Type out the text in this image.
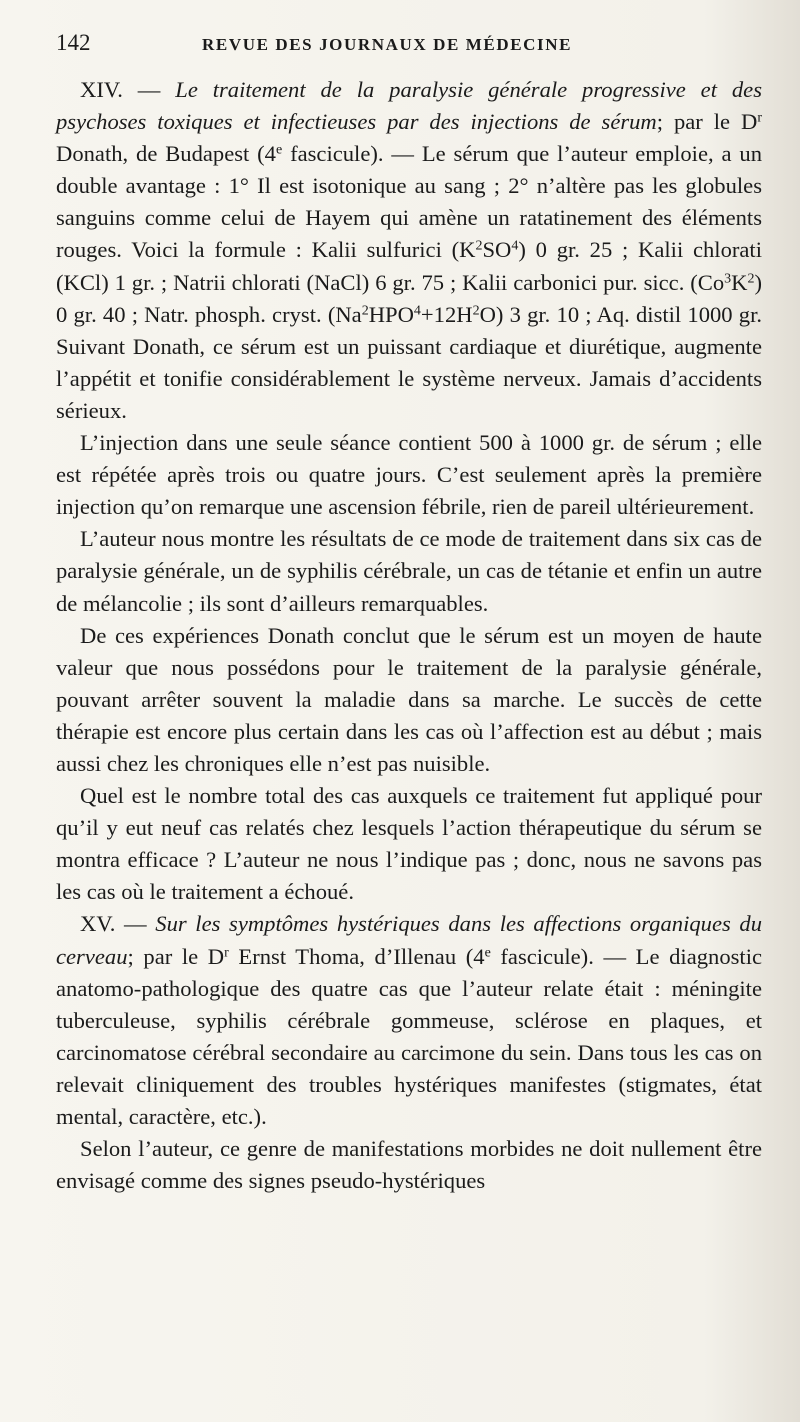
142	REVUE DES JOURNAUX DE MÉDECINE

XIV. — Le traitement de la paralysie générale progressive et des psychoses toxiques et infectieuses par des injections de sérum; par le $D^r$ Donath, de Budapest (4e fascicule). — Le sérum que l’auteur emploie, a un double avantage : 1° Il est isotonique au sang ; 2° n’altère pas les globules sanguins comme celui de Hayem qui amène un ratatinement des éléments rouges. Voici la formule : Kalii sulfurici $(K^2SO^4)$ 0 gr. 25 ; Kalii chlorati (KCl) 1 gr. ; Natrii chlorati (NaCl) 6 gr. 75 ; Kalii carbonici pur. sicc. $(Co^3K^2)$ 0 gr. 40 ; Natr. phosph. cryst. $(Na^2HPO^4+12H^2O)$ 3 gr. 10 ; Aq. distil 1000 gr. Suivant Donath, ce sérum est un puissant cardiaque et diurétique, augmente l’appétit et tonifie considérablement le système nerveux. Jamais d’accidents sérieux.

L’injection dans une seule séance contient 500 à 1000 gr. de sérum ; elle est répétée après trois ou quatre jours. C’est seulement après la première injection qu’on remarque une ascension fébrile, rien de pareil ultérieurement.

L’auteur nous montre les résultats de ce mode de traitement dans six cas de paralysie générale, un de syphilis cérébrale, un cas de tétanie et enfin un autre de mélancolie ; ils sont d’ailleurs remarquables.

De ces expériences Donath conclut que le sérum est un moyen de haute valeur que nous possédons pour le traitement de la paralysie générale, pouvant arrêter souvent la maladie dans sa marche. Le succès de cette thérapie est encore plus certain dans les cas où l’affection est au début ; mais aussi chez les chroniques elle n’est pas nuisible.

Quel est le nombre total des cas auxquels ce traitement fut appliqué pour qu’il y eut neuf cas relatés chez lesquels l’action thérapeutique du sérum se montra efficace ? L’auteur ne nous l’indique pas ; donc, nous ne savons pas les cas où le traitement a échoué.

XV. — Sur les symptômes hystériques dans les affections organiques du cerveau; par le $D^r$ Ernst Thoma, d’Illenau (4e fascicule). — Le diagnostic anatomo-pathologique des quatre cas que l’auteur relate était : méningite tuberculeuse, syphilis cérébrale gommeuse, sclérose en plaques, et carcinomatose cérébral secondaire au carcimone du sein. Dans tous les cas on relevait cliniquement des troubles hystériques manifestes (stigmates, état mental, caractère, etc.).

Selon l’auteur, ce genre de manifestations morbides ne doit nullement être envisagé comme des signes pseudo-hystériques
